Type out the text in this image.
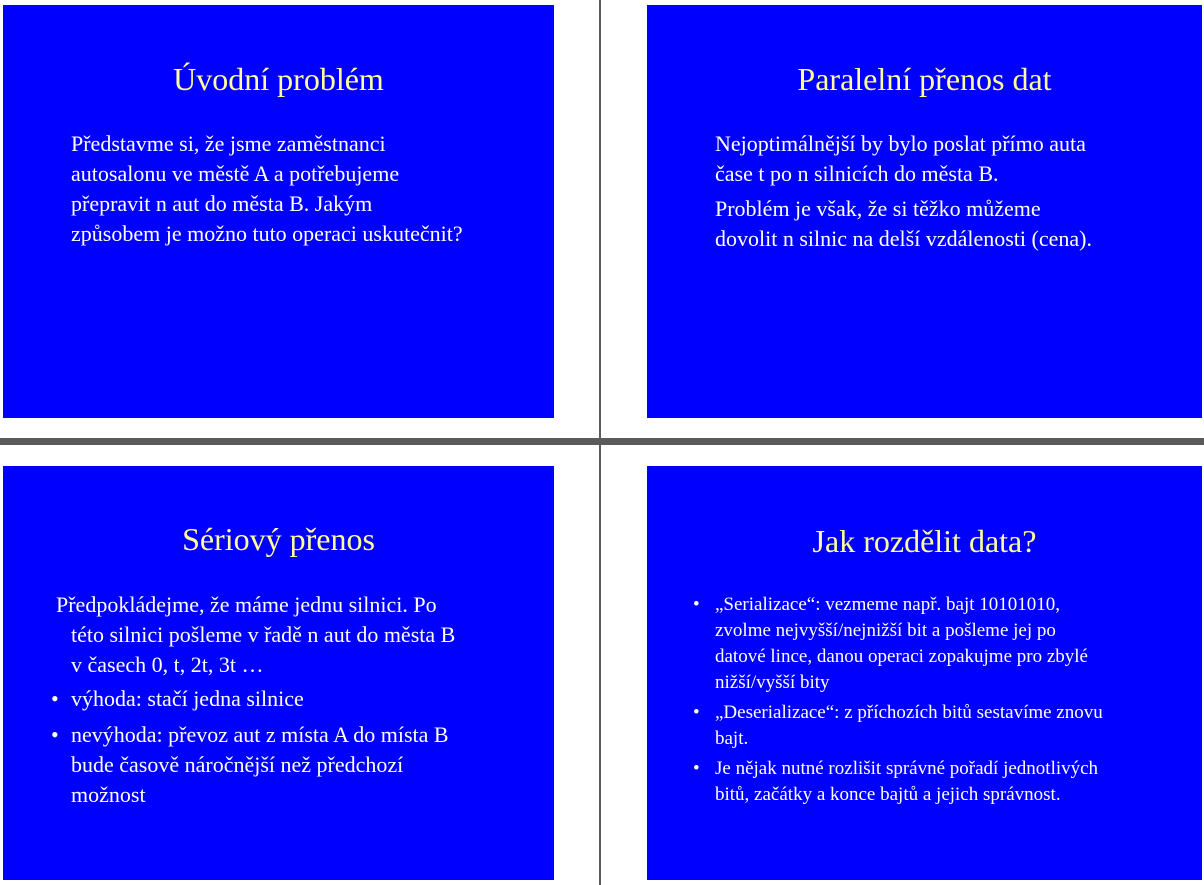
Úvodní problém

Představme si, že jsme zaměstnanci

autosalonu ve městě A a potřebujeme

přepravit n aut do města B. Jakým

způsobem je možno tuto operaci uskutečnit?

Paralelní přenos dat

Nejoptimálnější by bylo poslat přímo auta
čase t po n silnicích do města B.

Problém je však, že si těžko můžeme
dovolit n silnic na delší vzdálenosti (cena).

Sériový přenos

Předpokládejme, že máme jednu silnici. Po
této silnici pošleme v řadě n aut do města B
v časech 0, t, 2t, 3t …

• výhoda: stačí jedna silnice
• nevýhoda: převoz aut z místa A do místa B
bude časově náročnější než předchozí
možnost
Jak rozdělit data?
• „Serializace“: vezmeme např. bajt 10101010,
zvolme nejvyšší/nejnižší bit a pošleme jej po
datové lince, danou operaci zopakujme pro zbylé
nižší/vyšší bity
• „Deserializace“: z příchozích bitů sestavíme znovu
bajt.
• Je nějak nutné rozlišit správné pořadí jednotlivých
bitů, začátky a konce bajtů a jejich správnost.
